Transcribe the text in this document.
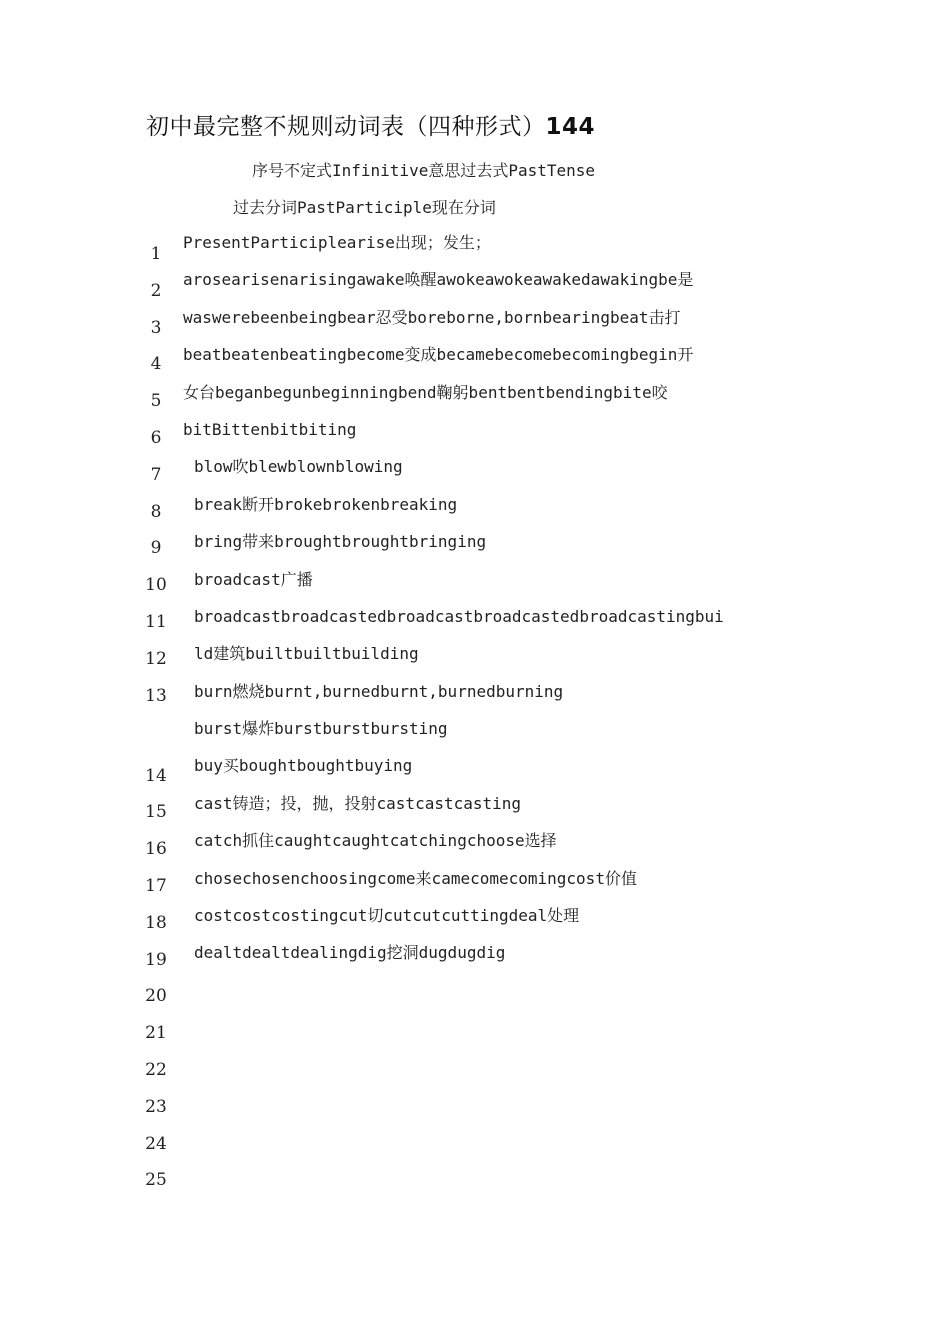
初中最完整不规则动词表（四种形式）144
序号不定式Infinitive意思过去式PastTense
过去分词PastParticiple现在分词
1
2
3
4
5
6
7
8
9
10
11
12
13
14
15
16
17
18
19
20
21
22
23
24
25
PresentParticiplearise出现；发生；
arosearisenarisingawake唤醒awokeawokeawakedawakingbe是
waswerebeenbeingbear忍受boreborne,bornbearingbeat击打
beatbeatenbeatingbecome变成becamebecomebecomingbegin开
女台beganbegunbeginningbend鞠躬bentbentbendingbite咬
bitBittenbitbiting
blow吹blewblownblowing
break断开brokebrokenbreaking
bring带来broughtbroughtbringing
broadcast广播
broadcastbroadcastedbroadcastbroadcastedbroadcastingbui
ld建筑builtbuiltbuilding
burn燃烧burnt,burnedburnt,burnedburning
burst爆炸burstburstbursting
buy买boughtboughtbuying
cast铸造；投，抛，投射castcastcasting
catch抓住caughtcaughtcatchingchoose选择
chosechosenchoosingcome来camecomecomingcost价值
costcostcostingcut切cutcutcuttingdeal处理
dealtdealtdealingdig挖洞dugdugdig
